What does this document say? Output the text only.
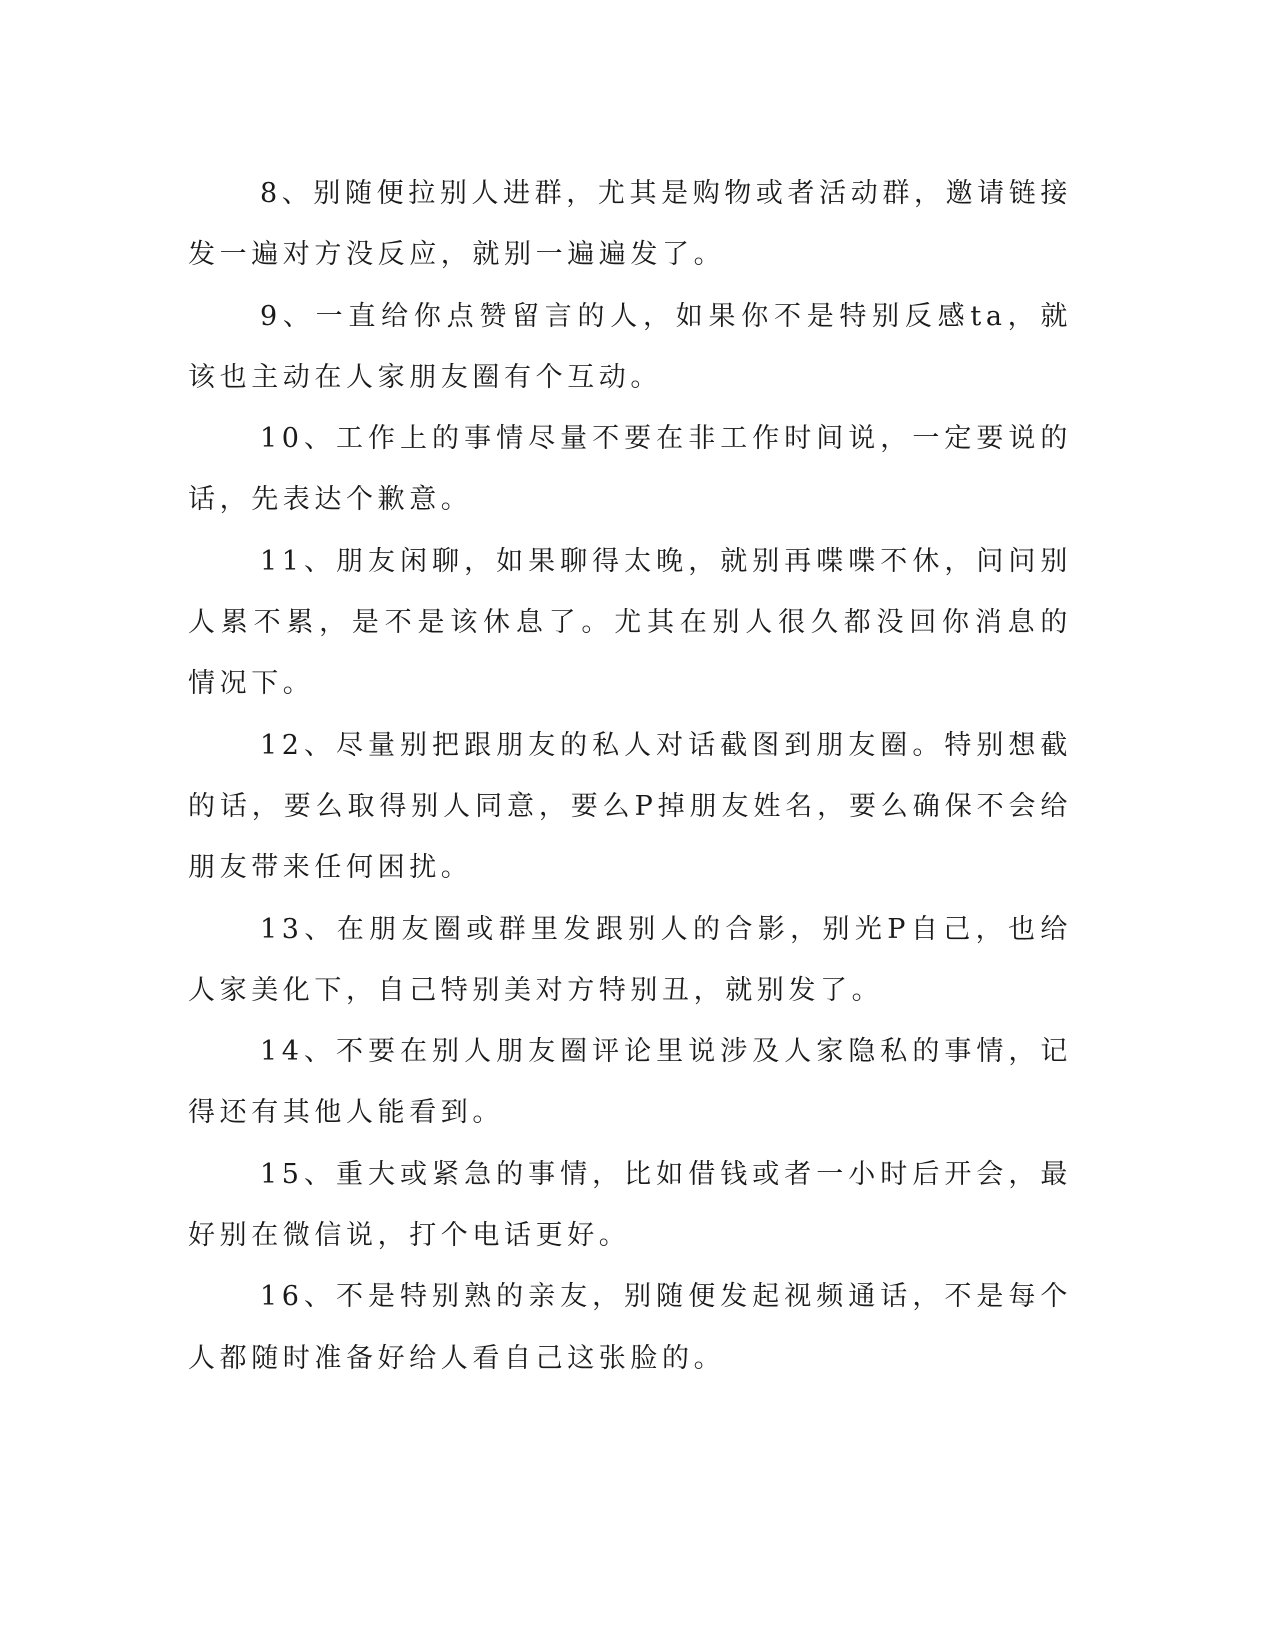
8、别随便拉别人进群，尤其是购物或者活动群，邀请链接发一遍对方没反应，就别一遍遍发了。

9、一直给你点赞留言的人，如果你不是特别反感ta，就该也主动在人家朋友圈有个互动。

10、工作上的事情尽量不要在非工作时间说，一定要说的话，先表达个歉意。

11、朋友闲聊，如果聊得太晚，就别再喋喋不休，问问别人累不累，是不是该休息了。尤其在别人很久都没回你消息的情况下。

12、尽量别把跟朋友的私人对话截图到朋友圈。特别想截的话，要么取得别人同意，要么P掉朋友姓名，要么确保不会给朋友带来任何困扰。

13、在朋友圈或群里发跟别人的合影，别光P自己，也给人家美化下，自己特别美对方特别丑，就别发了。

14、不要在别人朋友圈评论里说涉及人家隐私的事情，记得还有其他人能看到。

15、重大或紧急的事情，比如借钱或者一小时后开会，最好别在微信说，打个电话更好。

16、不是特别熟的亲友，别随便发起视频通话，不是每个人都随时准备好给人看自己这张脸的。
